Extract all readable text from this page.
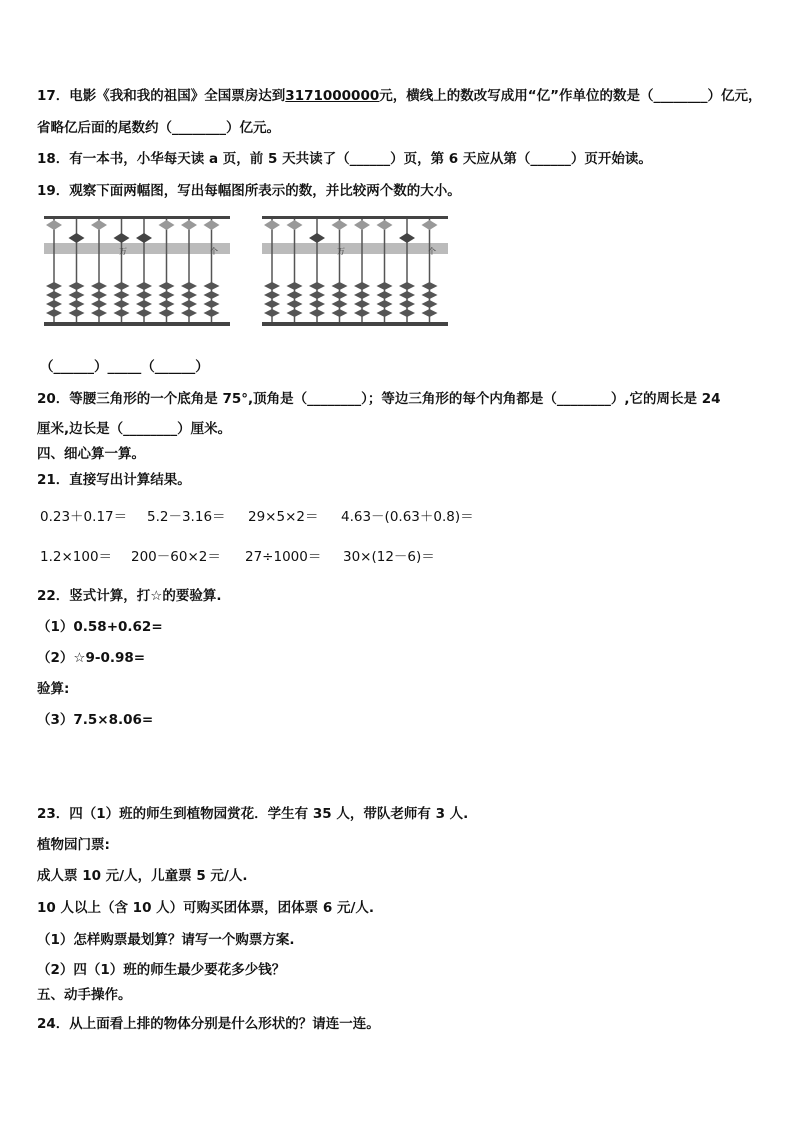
17．电影《我和我的祖国》全国票房达到3171000000元，横线上的数改写成用“亿”作单位的数是（________）亿元，
省略亿后面的尾数约（________）亿元。
18．有一本书，小华每天读 a 页，前 5 天共读了（______）页，第 6 天应从第（______）页开始读。
19．观察下面两幅图，写出每幅图所表示的数，并比较两个数的大小。
万	个	万	个
（______）_____（______）
20．等腰三角形的一个底角是 75°,顶角是（________）；等边三角形的每个内角都是（________）,它的周长是 24
厘米,边长是（________）厘米。
四、细心算一算。
21．直接写出计算结果。
0.23＋0.17＝ 5.2－3.16＝ 29×5×2＝ 4.63－(0.63＋0.8)＝
1.2×100＝ 200－60×2＝ 27÷1000＝ 30×(12－6)＝
22．竖式计算，打☆的要验算.
（1）0.58+0.62=
（2）☆9-0.98=
验算:
（3）7.5×8.06=
23．四（1）班的师生到植物园赏花．学生有 35 人，带队老师有 3 人.
植物园门票:
成人票 10 元/人，儿童票 5 元/人.
10 人以上（含 10 人）可购买团体票，团体票 6 元/人.
（1）怎样购票最划算？请写一个购票方案.
（2）四（1）班的师生最少要花多少钱？
五、动手操作。
24．从上面看上排的物体分别是什么形状的？请连一连。
